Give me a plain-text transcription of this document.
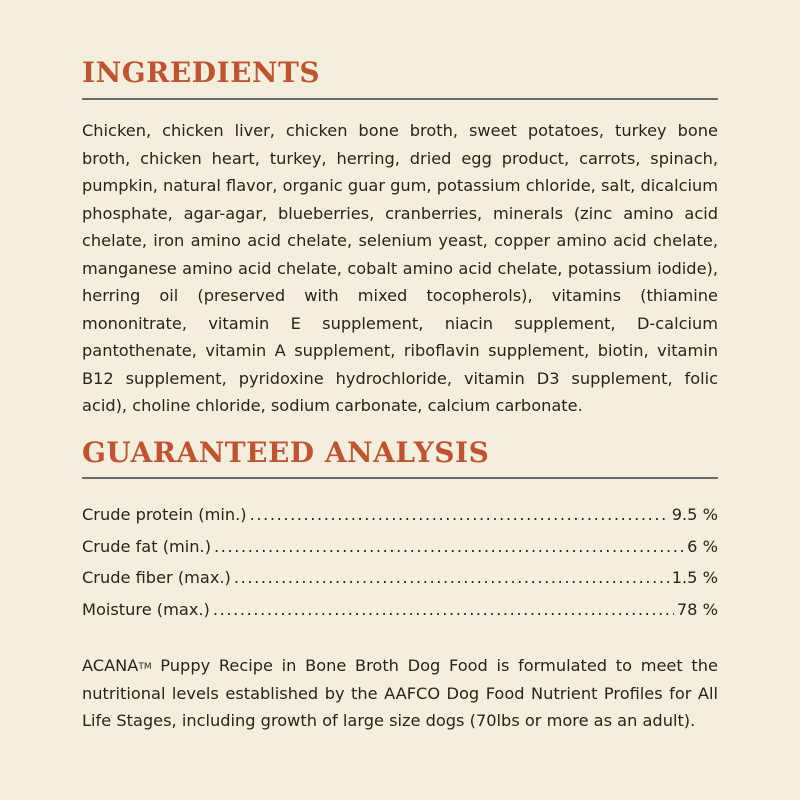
INGREDIENTS

Chicken, chicken liver, chicken bone broth, sweet potatoes, turkey bone broth, chicken heart, turkey, herring, dried egg product, carrots, spinach, pumpkin, natural flavor, organic guar gum, potassium chloride, salt, dicalcium phosphate, agar-agar, blueberries, cranberries, minerals (zinc amino acid chelate, iron amino acid chelate, selenium yeast, copper amino acid chelate, manganese amino acid chelate, cobalt amino acid chelate, potassium iodide), herring oil (preserved with mixed tocopherols), vitamins (thiamine mononitrate, vitamin E supplement, niacin supplement, D-calcium pantothenate, vitamin A supplement, riboflavin supplement, biotin, vitamin B12 supplement, pyridoxine hydrochloride, vitamin D3 supplement, folic acid), choline chloride, sodium carbonate, calcium carbonate.

GUARANTEED ANALYSIS
Crude protein (min.) .....	9.5 %
Crude fat (min.) .....	6 %
Crude fiber (max.) .....	1.5 %
Moisture (max.) .....	78 %

ACANA™ Puppy Recipe in Bone Broth Dog Food is formulated to meet the nutritional levels established by the AAFCO Dog Food Nutrient Profiles for All Life Stages, including growth of large size dogs (70lbs or more as an adult).
